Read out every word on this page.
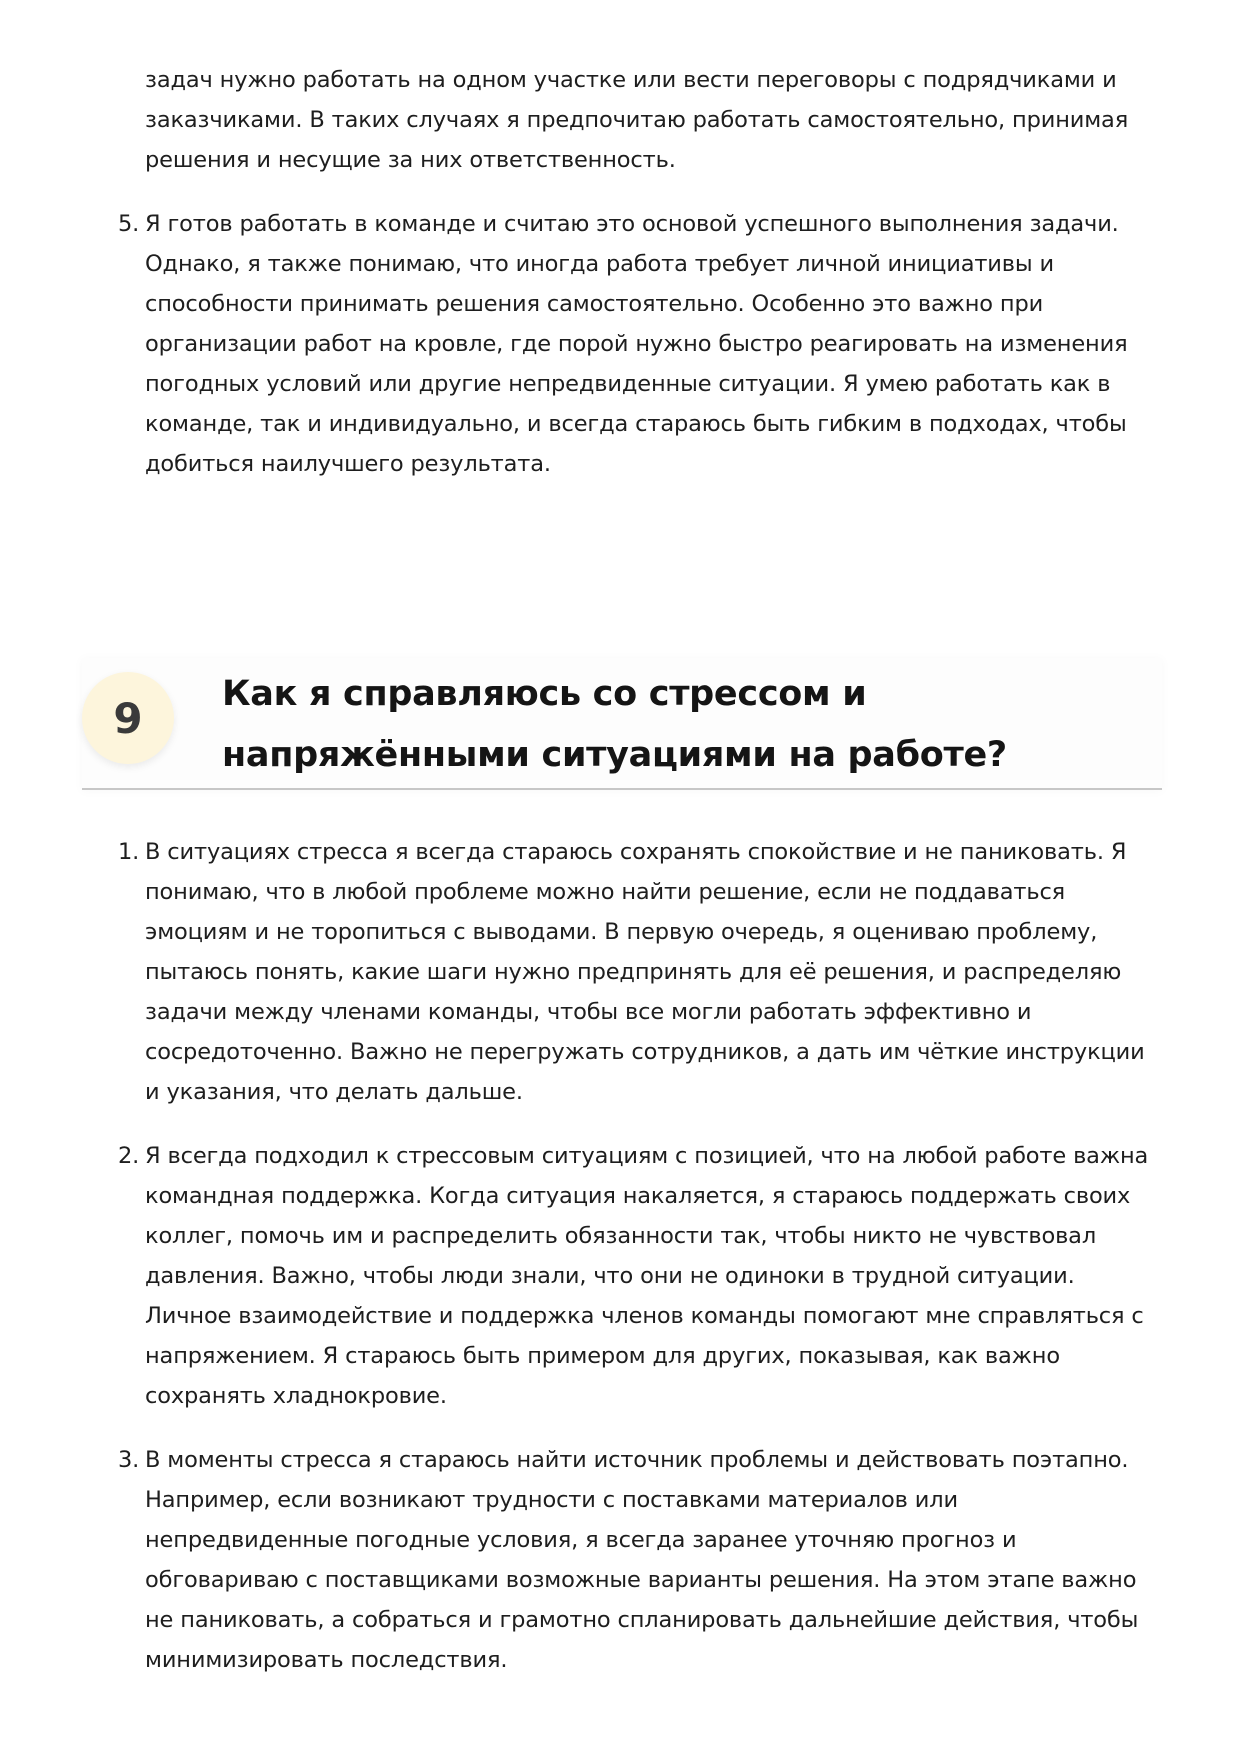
задач нужно работать на одном участке или вести переговоры с подрядчиками и заказчиками. В таких случаях я предпочитаю работать самостоятельно, принимая решения и несущие за них ответственность.
5. Я готов работать в команде и считаю это основой успешного выполнения задачи. Однако, я также понимаю, что иногда работа требует личной инициативы и способности принимать решения самостоятельно. Особенно это важно при организации работ на кровле, где порой нужно быстро реагировать на изменения погодных условий или другие непредвиденные ситуации. Я умею работать как в команде, так и индивидуально, и всегда стараюсь быть гибким в подходах, чтобы добиться наилучшего результата.
9	Как я справляюсь со стрессом и напряжёнными ситуациями на работе?
1. В ситуациях стресса я всегда стараюсь сохранять спокойствие и не паниковать. Я понимаю, что в любой проблеме можно найти решение, если не поддаваться эмоциям и не торопиться с выводами. В первую очередь, я оцениваю проблему, пытаюсь понять, какие шаги нужно предпринять для её решения, и распределяю задачи между членами команды, чтобы все могли работать эффективно и сосредоточенно. Важно не перегружать сотрудников, а дать им чёткие инструкции и указания, что делать дальше.
2. Я всегда подходил к стрессовым ситуациям с позицией, что на любой работе важна командная поддержка. Когда ситуация накаляется, я стараюсь поддержать своих коллег, помочь им и распределить обязанности так, чтобы никто не чувствовал давления. Важно, чтобы люди знали, что они не одиноки в трудной ситуации. Личное взаимодействие и поддержка членов команды помогают мне справляться с напряжением. Я стараюсь быть примером для других, показывая, как важно сохранять хладнокровие.
3. В моменты стресса я стараюсь найти источник проблемы и действовать поэтапно. Например, если возникают трудности с поставками материалов или непредвиденные погодные условия, я всегда заранее уточняю прогноз и обговариваю с поставщиками возможные варианты решения. На этом этапе важно не паниковать, а собраться и грамотно спланировать дальнейшие действия, чтобы минимизировать последствия.
